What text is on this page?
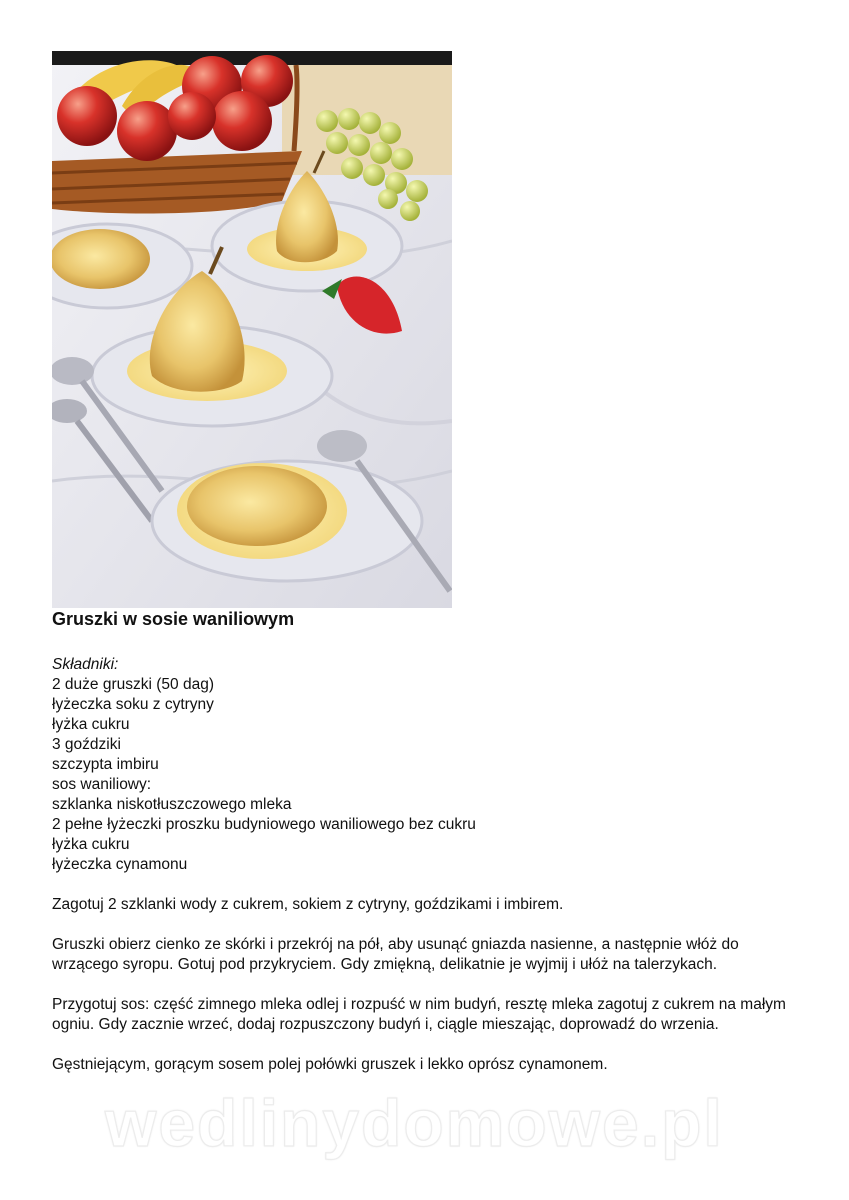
Gruszki w sosie waniliowym
Składniki:
2 duże gruszki (50 dag)
łyżeczka soku z cytryny
łyżka cukru
3 goździki
szczypta imbiru
sos waniliowy:
szklanka niskotłuszczowego mleka
2 pełne łyżeczki proszku budyniowego waniliowego bez cukru
łyżka cukru
łyżeczka cynamonu

Zagotuj 2 szklanki wody z cukrem, sokiem z cytryny, goździkami i imbirem.

Gruszki obierz cienko ze skórki i przekrój na pół, aby usunąć gniazda nasienne, a następnie włóż do wrzącego syropu. Gotuj pod przykryciem. Gdy zmiękną, delikatnie je wyjmij i ułóż na talerzykach.

Przygotuj sos: część zimnego mleka odlej i rozpuść w nim budyń, resztę mleka zagotuj z cukrem na małym ogniu. Gdy zacznie wrzeć, dodaj rozpuszczony budyń i, ciągle mieszając, doprowadź do wrzenia.

Gęstniejącym, gorącym sosem polej połówki gruszek i lekko oprósz cynamonem.

wedlinydomowe.pl
